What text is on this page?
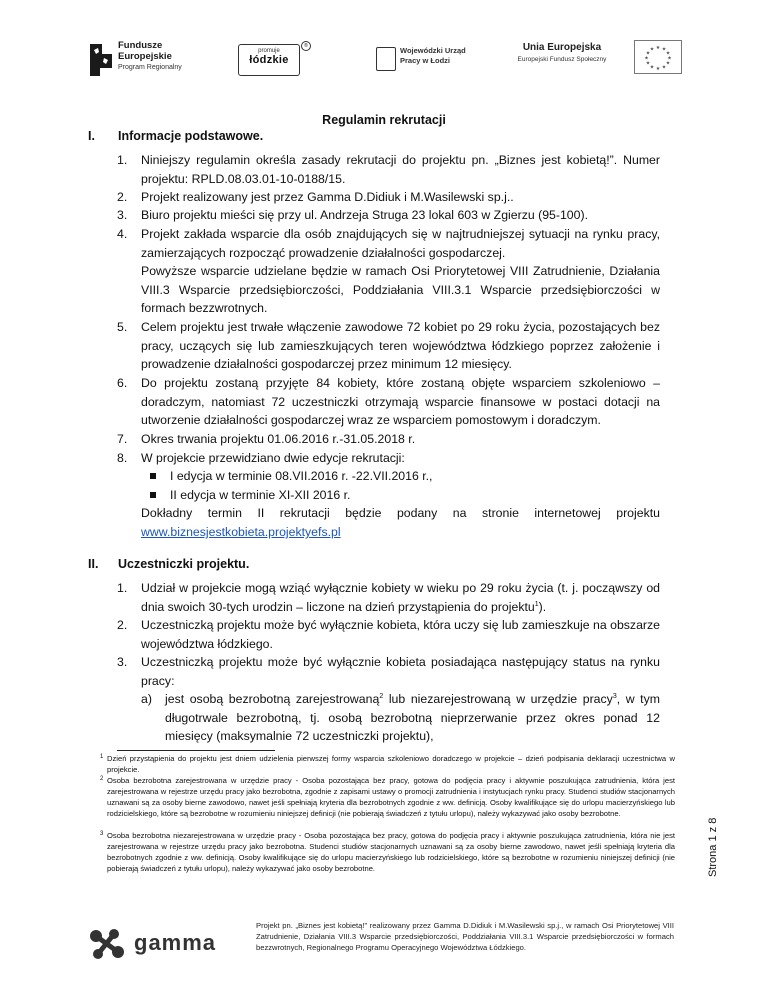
Fundusze
Europejskie
Program Regionalny
promuje
łódzkie
®	Wojewódzki Urząd
Pracy w Łodzi
Unia Europejska
Europejski Fundusz Społeczny
★ ★
★
★
★
★
★
★
★
★
★
★
Regulamin rekrutacji
I. Informacje podstawowe.
1. Niniejszy regulamin określa zasady rekrutacji do projektu pn. „Biznes jest kobietą!”. Numer projektu: RPLD.08.03.01-10-0188/15.
2. Projekt realizowany jest przez Gamma D.Didiuk i M.Wasilewski sp.j..
3. Biuro projektu mieści się przy ul. Andrzeja Struga 23 lokal 603 w Zgierzu (95-100).
4. Projekt zakłada wsparcie dla osób znajdujących się w najtrudniejszej sytuacji na rynku pracy, zamierzających rozpocząć prowadzenie działalności gospodarczej.
Powyższe wsparcie udzielane będzie w ramach Osi Priorytetowej VIII Zatrudnienie, Działania VIII.3 Wsparcie przedsiębiorczości, Poddziałania VIII.3.1 Wsparcie przedsiębiorczości w formach bezzwrotnych.
5. Celem projektu jest trwałe włączenie zawodowe 72 kobiet po 29 roku życia, pozostających bez pracy, uczących się lub zamieszkujących teren województwa łódzkiego poprzez założenie i prowadzenie działalności gospodarczej przez minimum 12 miesięcy.
6. Do projektu zostaną przyjęte 84 kobiety, które zostaną objęte wsparciem szkoleniowo – doradczym, natomiast 72 uczestniczki otrzymają wsparcie finansowe w postaci dotacji na utworzenie działalności gospodarczej wraz ze wsparciem pomostowym i doradczym.
7. Okres trwania projektu 01.06.2016 r.-31.05.2018 r.
8. W projekcie przewidziano dwie edycje rekrutacji:
I edycja w terminie 08.VII.2016 r. -22.VII.2016 r.,
II edycja w terminie XI-XII 2016 r.
Dokładny termin II rekrutacji będzie podany na stronie internetowej projektu
www.biznesjestkobieta.projektyefs.pl
II. Uczestniczki projektu.
1. Udział w projekcie mogą wziąć wyłącznie kobiety w wieku po 29 roku życia (t. j. począwszy od dnia swoich 30-tych urodzin – liczone na dzień przystąpienia do projektu$^1$).
2. Uczestniczką projektu może być wyłącznie kobieta, która uczy się lub zamieszkuje na obszarze województwa łódzkiego.
3. Uczestniczką projektu może być wyłącznie kobieta posiadająca następujący status na rynku pracy:
a) jest osobą bezrobotną zarejestrowaną$^2$ lub niezarejestrowaną w urzędzie pracy$^3$, w tym długotrwale bezrobotną, tj. osobą bezrobotną nieprzerwanie przez okres ponad 12 miesięcy (maksymalnie 72 uczestniczki projektu),
1 Dzień przystąpienia do projektu jest dniem udzielenia pierwszej formy wsparcia szkoleniowo doradczego w projekcie – dzień podpisania deklaracji uczestnictwa w projekcie.
2 Osoba bezrobotna zarejestrowana w urzędzie pracy - Osoba pozostająca bez pracy, gotowa do podjęcia pracy i aktywnie poszukująca zatrudnienia, która jest zarejestrowana w rejestrze urzędu pracy jako bezrobotna, zgodnie z zapisami ustawy o promocji zatrudnienia i instytucjach rynku pracy. Studenci studiów stacjonarnych uznawani są za osoby bierne zawodowo, nawet jeśli spełniają kryteria dla bezrobotnych zgodnie z ww. definicją. Osoby kwalifikujące się do urlopu macierzyńskiego lub rodzicielskiego, które są bezrobotne w rozumieniu niniejszej definicji (nie pobierają świadczeń z tytułu urlopu), należy wykazywać jako osoby bezrobotne.
3 Osoba bezrobotna niezarejestrowana w urzędzie pracy - Osoba pozostająca bez pracy, gotowa do podjęcia pracy i aktywnie poszukująca zatrudnienia, która nie jest zarejestrowana w rejestrze urzędu pracy jako bezrobotna. Studenci studiów stacjonarnych uznawani są za osoby bierne zawodowo, nawet jeśli spełniają kryteria dla bezrobotnych zgodnie z ww. definicją. Osoby kwalifikujące się do urlopu macierzyńskiego lub rodzicielskiego, które są bezrobotne w rozumieniu niniejszej definicji (nie pobierają świadczeń z tytułu urlopu), należy wykazywać jako osoby bezrobotne.	Strona 1 z 8
gamma
Projekt pn. „Biznes jest kobietą!” realizowany przez Gamma D.Didiuk i M.Wasilewski sp.j., w ramach Osi Priorytetowej VIII Zatrudnienie, Działania VIII.3 Wsparcie przedsiębiorczości, Poddziałania VIII.3.1 Wsparcie przedsiębiorczości w formach bezzwrotnych, Regionalnego Programu Operacyjnego Województwa Łódzkiego.
